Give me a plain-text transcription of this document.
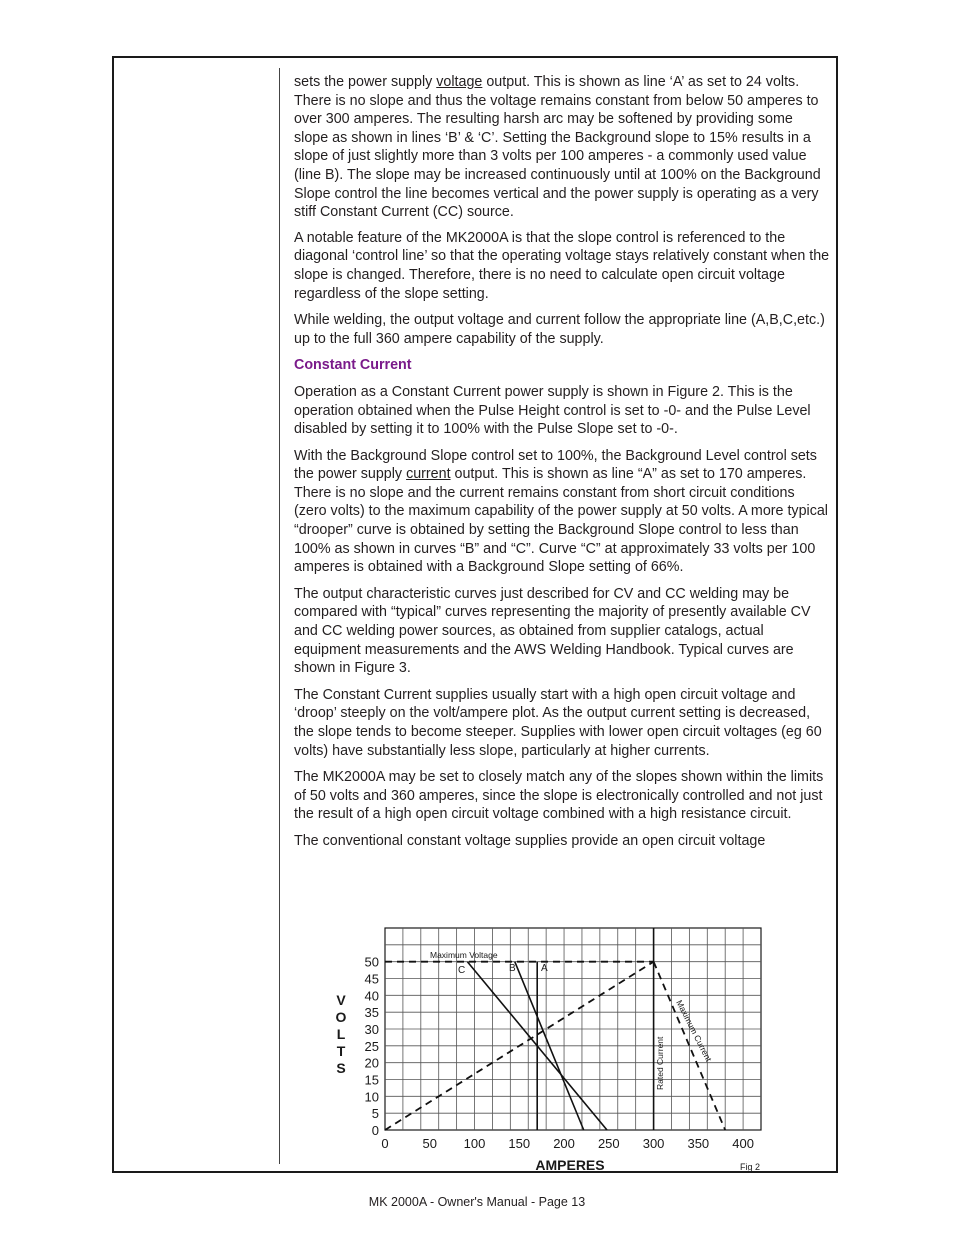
sets the power supply voltage output. This is shown as line ‘A’ as set to 24 volts. There is no slope and thus the voltage remains constant from below 50 amperes to over 300 amperes. The resulting harsh arc may be softened by providing some slope as shown in lines ‘B’ & ‘C’. Setting the Background slope to 15% results in a slope of just slightly more than 3 volts per 100 amperes - a commonly used value (line B). The slope may be increased continuously until at 100% on the Background Slope control the line becomes vertical and the power supply is operating as a very stiff Constant Current (CC) source.

A notable feature of the MK2000A is that the slope control is referenced to the diagonal ‘control line’ so that the operating voltage stays relatively constant when the slope is changed. Therefore, there is no need to calculate open circuit voltage regardless of the slope setting.

While welding, the output voltage and current follow the appropriate line (A,B,C,etc.) up to the full 360 ampere capability of the supply.

Constant Current

Operation as a Constant Current power supply is shown in Figure 2. This is the operation obtained when the Pulse Height control is set to -0- and the Pulse Level disabled by setting it to 100% with the Pulse Slope set to -0-.

With the Background Slope control set to 100%, the Background Level control sets the power supply current output. This is shown as line “A” as set to 170 amperes. There is no slope and the current remains constant from short circuit conditions (zero volts) to the maximum capability of the power supply at 50 volts. A more typical “drooper” curve is obtained by setting the Background Slope control to less than 100% as shown in curves “B” and “C”. Curve “C” at approximately 33 volts per 100 amperes is obtained with a Background Slope setting of 66%.

The output characteristic curves just described for CV and CC welding may be compared with “typical” curves representing the majority of presently available CV and CC welding power sources, as obtained from supplier catalogs, actual equipment measurements and the AWS Welding Handbook. Typical curves are shown in Figure 3.

The Constant Current supplies usually start with a high open circuit voltage and ‘droop’ steeply on the volt/ampere plot. As the output current setting is decreased, the slope tends to become steeper. Supplies with lower open circuit voltages (eg 60 volts) have substantially less slope, particularly at higher currents.

The MK2000A may be set to closely match any of the slopes shown within the limits of 50 volts and 360 amperes, since the slope is electronically controlled and not just the result of a high open circuit voltage combined with a high resistance circuit.

The conventional constant voltage supplies provide an open circuit voltage

0
5
10
15
20
25
30
35
40
45
50
0	50 100 150 200 250 300 350 400
V
O
L
T
S
AMPERES	Fig 2
Maximum Voltage
C	B	A
Rated Current
Maximum Current
MK 2000A - Owner's Manual - Page 13
